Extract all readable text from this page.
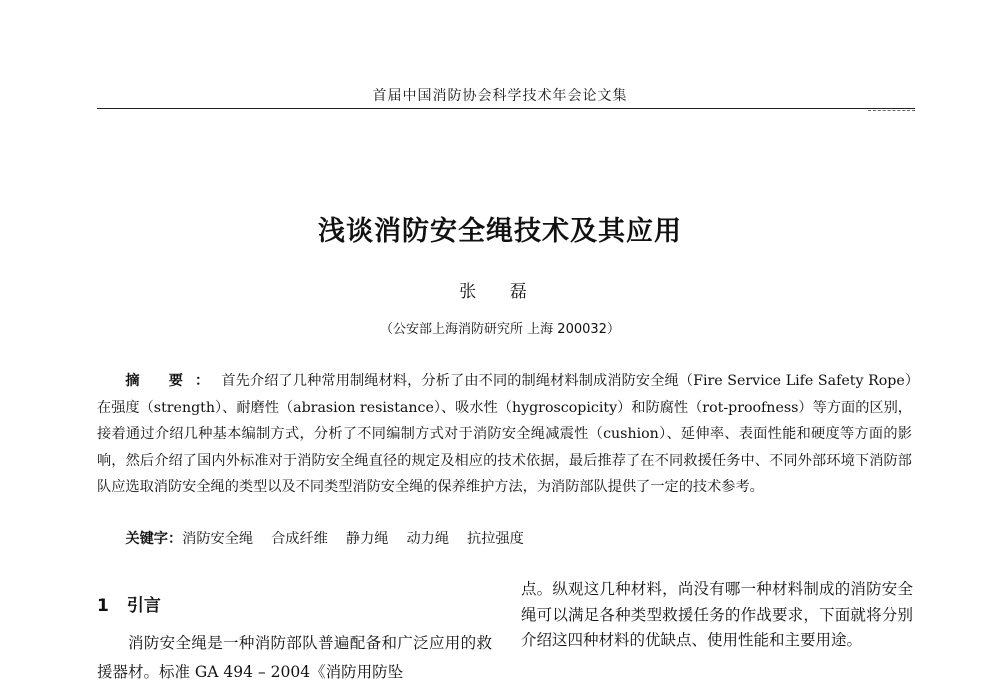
首届中国消防协会科学技术年会论文集
浅谈消防安全绳技术及其应用
张 磊
（公安部上海消防研究所 上海 200032）
摘 要：首先介绍了几种常用制绳材料，分析了由不同的制绳材料制成消防安全绳（Fire Service Life Safety Rope）在强度（strength）、耐磨性（abrasion resistance）、吸水性（hygroscopicity）和防腐性（rot-proofness）等方面的区别，接着通过介绍几种基本编制方式，分析了不同编制方式对于消防安全绳减震性（cushion）、延伸率、表面性能和硬度等方面的影响，然后介绍了国内外标准对于消防安全绳直径的规定及相应的技术依据，最后推荐了在不同救援任务中、不同外部环境下消防部队应选取消防安全绳的类型以及不同类型消防安全绳的保养维护方法，为消防部队提供了一定的技术参考。
关键字：消防安全绳 合成纤维 静力绳 动力绳 抗拉强度
1 引言
消防安全绳是一种消防部队普遍配备和广泛应用的救援器材。标准 GA 494 – 2004《消防用防坠
点。纵观这几种材料，尚没有哪一种材料制成的消防安全绳可以满足各种类型救援任务的作战要求，下面就将分别介绍这四种材料的优缺点、使用性能和主要用途。
